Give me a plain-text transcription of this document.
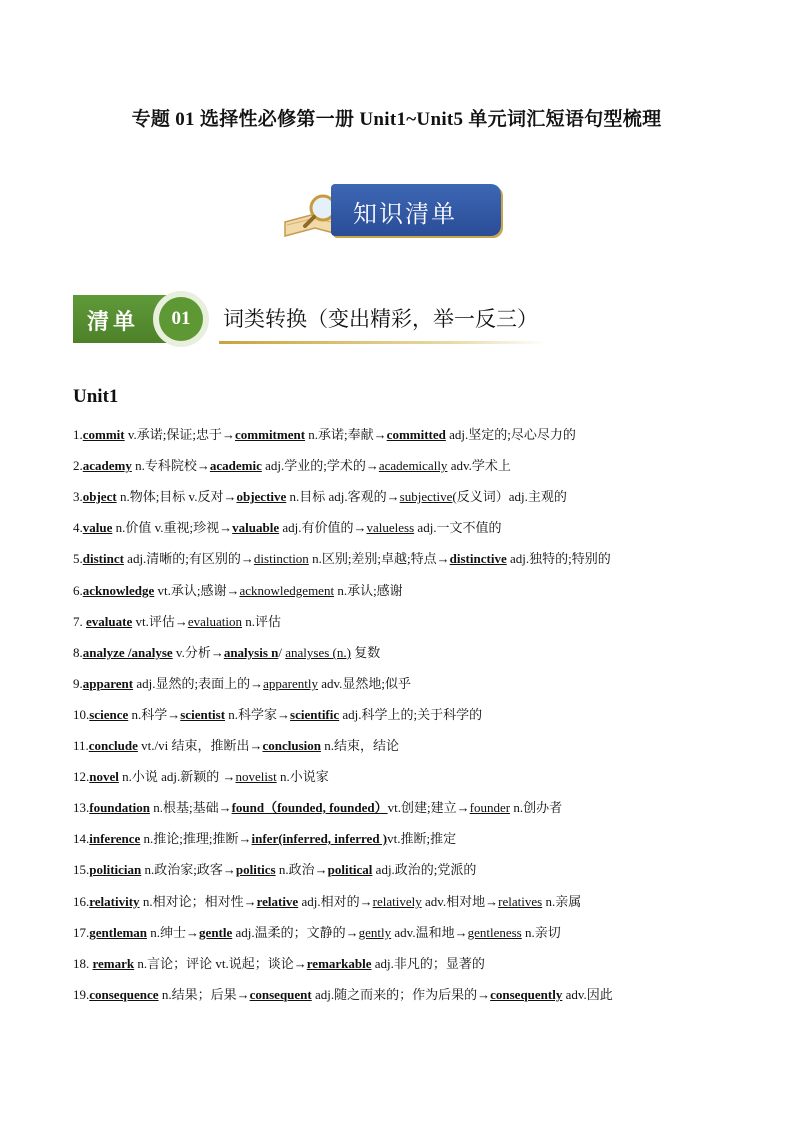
专题 01 选择性必修第一册 Unit1~Unit5 单元词汇短语句型梳理
知识清单
清单	01	词类转换（变出精彩，举一反三）
Unit1
1.commit v.承诺;保证;忠于→commitment n.承诺;奉献→committed adj.坚定的;尽心尽力的
2.academy n.专科院校→academic adj.学业的;学术的→academically adv.学术上
3.object n.物体;目标 v.反对→objective n.目标 adj.客观的→subjective(反义词）adj.主观的
4.value n.价值 v.重视;珍视→valuable adj.有价值的→valueless adj.一文不值的
5.distinct adj.清晰的;有区别的→distinction n.区别;差别;卓越;特点→distinctive adj.独特的;特别的
6.acknowledge vt.承认;感谢→acknowledgement n.承认;感谢
7. evaluate vt.评估→evaluation n.评估
8.analyze /analyse v.分析→analysis n/ analyses (n.) 复数
9.apparent adj.显然的;表面上的→apparently adv.显然地;似乎
10.science n.科学→scientist n.科学家→scientific adj.科学上的;关于科学的
11.conclude vt./vi 结束，推断出→conclusion n.结束，结论
12.novel n.小说 adj.新颖的 →novelist n.小说家
13.foundation n.根基;基础→found（founded, founded）vt.创建;建立→founder n.创办者
14.inference n.推论;推理;推断→infer(inferred, inferred )vt.推断;推定
15.politician n.政治家;政客→politics n.政治→political adj.政治的;党派的
16.relativity n.相对论；相对性→relative adj.相对的→relatively adv.相对地→relatives n.亲属
17.gentleman n.绅士→gentle adj.温柔的；文静的→gently adv.温和地→gentleness n.亲切
18. remark n.言论；评论 vt.说起；谈论→remarkable adj.非凡的；显著的
19.consequence n.结果；后果→consequent adj.随之而来的；作为后果的→consequently adv.因此
